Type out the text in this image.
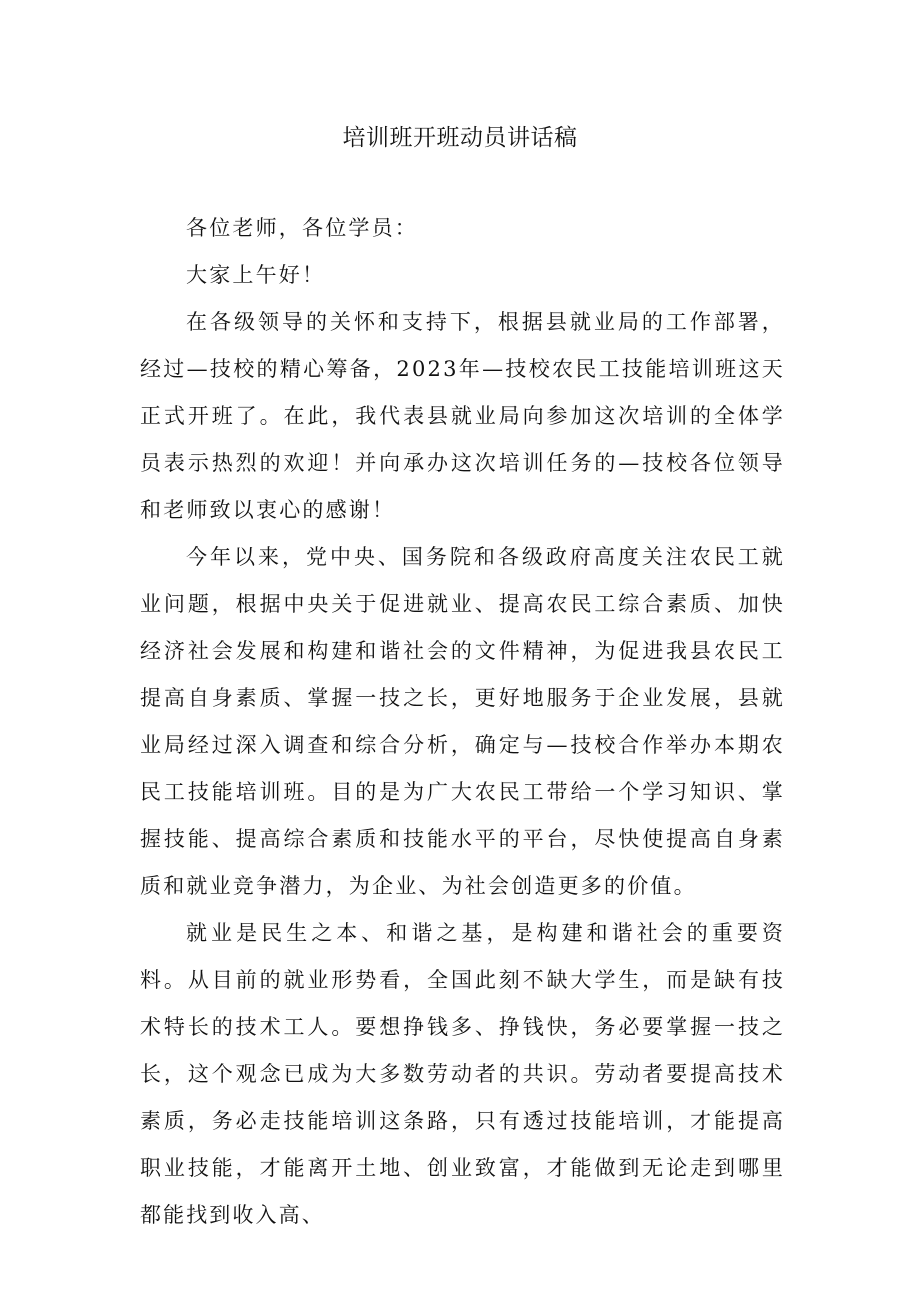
培训班开班动员讲话稿

各位老师，各位学员：

大家上午好！

在各级领导的关怀和支持下，根据县就业局的工作部署，经过—技校的精心筹备，2023年—技校农民工技能培训班这天正式开班了。在此，我代表县就业局向参加这次培训的全体学员表示热烈的欢迎！并向承办这次培训任务的—技校各位领导和老师致以衷心的感谢！

今年以来，党中央、国务院和各级政府高度关注农民工就业问题，根据中央关于促进就业、提高农民工综合素质、加快经济社会发展和构建和谐社会的文件精神，为促进我县农民工提高自身素质、掌握一技之长，更好地服务于企业发展，县就业局经过深入调查和综合分析，确定与—技校合作举办本期农民工技能培训班。目的是为广大农民工带给一个学习知识、掌握技能、提高综合素质和技能水平的平台，尽快使提高自身素质和就业竞争潜力，为企业、为社会创造更多的价值。

就业是民生之本、和谐之基，是构建和谐社会的重要资料。从目前的就业形势看，全国此刻不缺大学生，而是缺有技术特长的技术工人。要想挣钱多、挣钱快，务必要掌握一技之长，这个观念已成为大多数劳动者的共识。劳动者要提高技术素质，务必走技能培训这条路，只有透过技能培训，才能提高职业技能，才能离开土地、创业致富，才能做到无论走到哪里都能找到收入高、
